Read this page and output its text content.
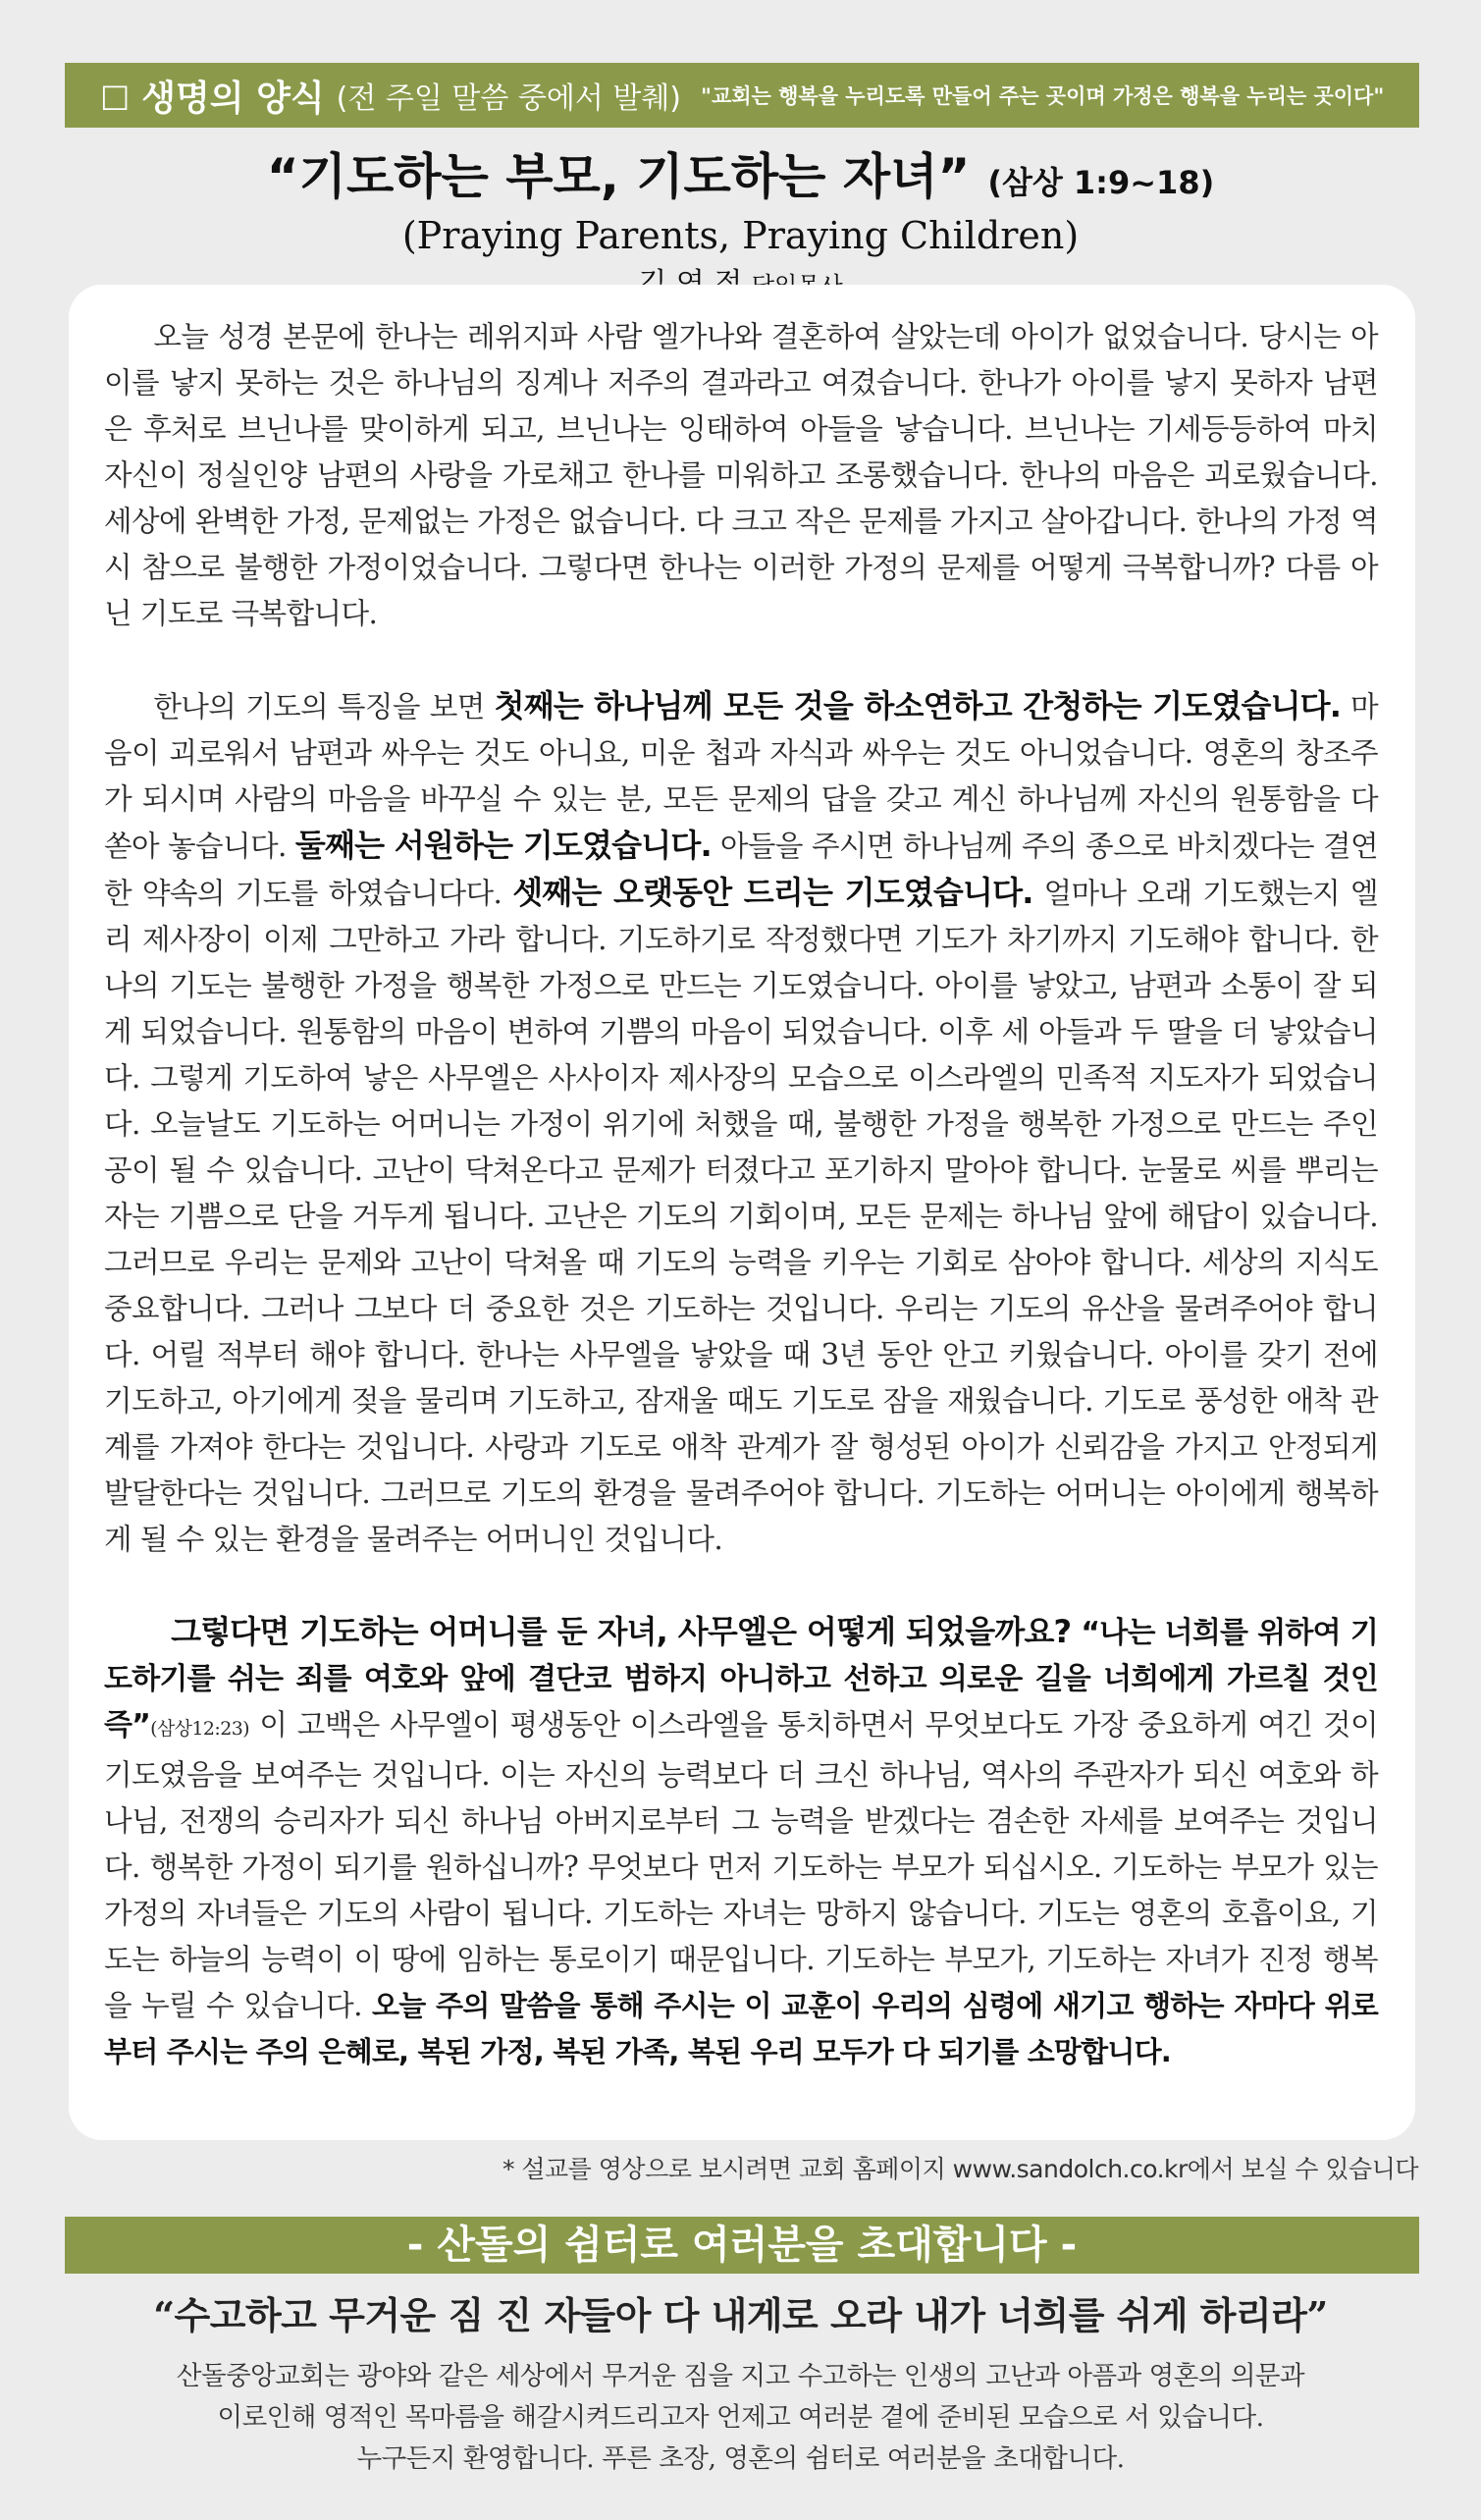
□ 생명의 양식 (전 주일 말씀 중에서 발췌) "교회는 행복을 누리도록 만들어 주는 곳이며 가정은 행복을 누리는 곳이다"
“기도하는 부모, 기도하는 자녀” (삼상 1:9~18)
(Praying Parents, Praying Children)

오늘 성경 본문에 한나는 레위지파 사람 엘가나와 결혼하여 살았는데 아이가 없었습니다. 당시는 아이를 낳지 못하는 것은 하나님의 징계나 저주의 결과라고 여겼습니다. 한나가 아이를 낳지 못하자 남편은 후처로 브닌나를 맞이하게 되고, 브닌나는 잉태하여 아들을 낳습니다. 브닌나는 기세등등하여 마치 자신이 정실인양 남편의 사랑을 가로채고 한나를 미워하고 조롱했습니다. 한나의 마음은 괴로웠습니다. 세상에 완벽한 가정, 문제없는 가정은 없습니다. 다 크고 작은 문제를 가지고 살아갑니다. 한나의 가정 역시 참으로 불행한 가정이었습니다. 그렇다면 한나는 이러한 가정의 문제를 어떻게 극복합니까? 다름 아닌 기도로 극복합니다.

한나의 기도의 특징을 보면 첫째는 하나님께 모든 것을 하소연하고 간청하는 기도였습니다. 마음이 괴로워서 남편과 싸우는 것도 아니요, 미운 첩과 자식과 싸우는 것도 아니었습니다. 영혼의 창조주가 되시며 사람의 마음을 바꾸실 수 있는 분, 모든 문제의 답을 갖고 계신 하나님께 자신의 원통함을 다 쏟아 놓습니다. 둘째는 서원하는 기도였습니다. 아들을 주시면 하나님께 주의 종으로 바치겠다는 결연한 약속의 기도를 하였습니다다. 셋째는 오랫동안 드리는 기도였습니다. 얼마나 오래 기도했는지 엘리 제사장이 이제 그만하고 가라 합니다. 기도하기로 작정했다면 기도가 차기까지 기도해야 합니다. 한나의 기도는 불행한 가정을 행복한 가정으로 만드는 기도였습니다. 아이를 낳았고, 남편과 소통이 잘 되게 되었습니다. 원통함의 마음이 변하여 기쁨의 마음이 되었습니다. 이후 세 아들과 두 딸을 더 낳았습니다. 그렇게 기도하여 낳은 사무엘은 사사이자 제사장의 모습으로 이스라엘의 민족적 지도자가 되었습니다. 오늘날도 기도하는 어머니는 가정이 위기에 처했을 때, 불행한 가정을 행복한 가정으로 만드는 주인공이 될 수 있습니다. 고난이 닥쳐온다고 문제가 터졌다고 포기하지 말아야 합니다. 눈물로 씨를 뿌리는 자는 기쁨으로 단을 거두게 됩니다. 고난은 기도의 기회이며, 모든 문제는 하나님 앞에 해답이 있습니다. 그러므로 우리는 문제와 고난이 닥쳐올 때 기도의 능력을 키우는 기회로 삼아야 합니다. 세상의 지식도 중요합니다. 그러나 그보다 더 중요한 것은 기도하는 것입니다. 우리는 기도의 유산을 물려주어야 합니다. 어릴 적부터 해야 합니다. 한나는 사무엘을 낳았을 때 3년 동안 안고 키웠습니다. 아이를 갖기 전에 기도하고, 아기에게 젖을 물리며 기도하고, 잠재울 때도 기도로 잠을 재웠습니다. 기도로 풍성한 애착 관계를 가져야 한다는 것입니다. 사랑과 기도로 애착 관계가 잘 형성된 아이가 신뢰감을 가지고 안정되게 발달한다는 것입니다. 그러므로 기도의 환경을 물려주어야 합니다. 기도하는 어머니는 아이에게 행복하게 될 수 있는 환경을 물려주는 어머니인 것입니다.

그렇다면 기도하는 어머니를 둔 자녀, 사무엘은 어떻게 되었을까요? “나는 너희를 위하여 기도하기를 쉬는 죄를 여호와 앞에 결단코 범하지 아니하고 선하고 의로운 길을 너희에게 가르칠 것인즉”(삼상12:23) 이 고백은 사무엘이 평생동안 이스라엘을 통치하면서 무엇보다도 가장 중요하게 여긴 것이 기도였음을 보여주는 것입니다. 이는 자신의 능력보다 더 크신 하나님, 역사의 주관자가 되신 여호와 하나님, 전쟁의 승리자가 되신 하나님 아버지로부터 그 능력을 받겠다는 겸손한 자세를 보여주는 것입니다. 행복한 가정이 되기를 원하십니까? 무엇보다 먼저 기도하는 부모가 되십시오. 기도하는 부모가 있는 가정의 자녀들은 기도의 사람이 됩니다. 기도하는 자녀는 망하지 않습니다. 기도는 영혼의 호흡이요, 기도는 하늘의 능력이 이 땅에 임하는 통로이기 때문입니다. 기도하는 부모가, 기도하는 자녀가 진정 행복을 누릴 수 있습니다. 오늘 주의 말씀을 통해 주시는 이 교훈이 우리의 심령에 새기고 행하는 자마다 위로부터 주시는 주의 은혜로, 복된 가정, 복된 가족, 복된 우리 모두가 다 되기를 소망합니다.

* 설교를 영상으로 보시려면 교회 홈페이지 www.sandolch.co.kr에서 보실 수 있습니다
- 산돌의 쉼터로 여러분을 초대합니다 -
“수고하고 무거운 짐 진 자들아 다 내게로 오라 내가 너희를 쉬게 하리라”
산돌중앙교회는 광야와 같은 세상에서 무거운 짐을 지고 수고하는 인생의 고난과 아픔과 영혼의 의문과
이로인해 영적인 목마름을 해갈시켜드리고자 언제고 여러분 곁에 준비된 모습으로 서 있습니다.
누구든지 환영합니다. 푸른 초장, 영혼의 쉼터로 여러분을 초대합니다.
